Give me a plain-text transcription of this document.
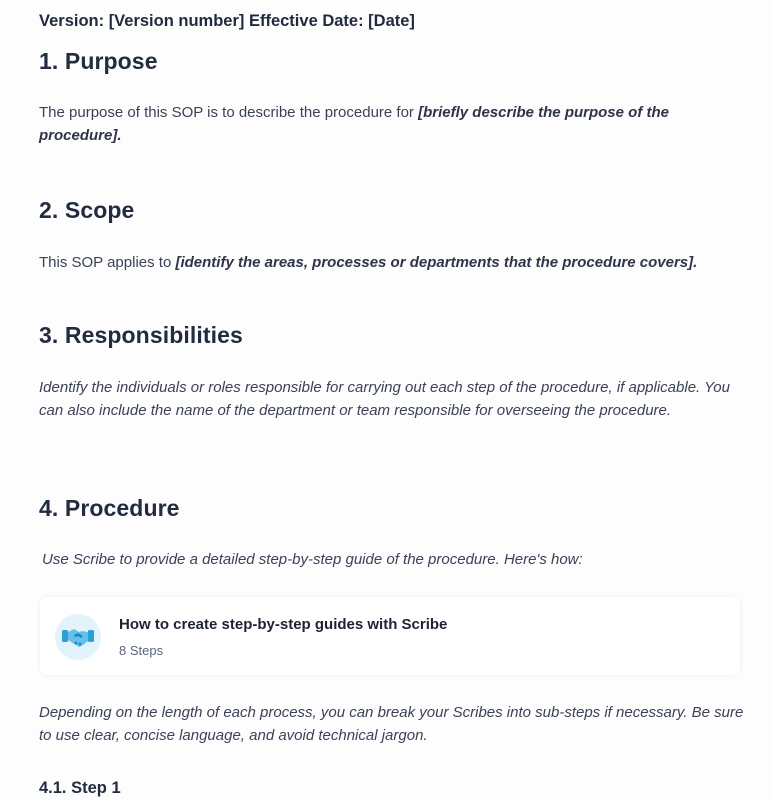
Version: [Version number] Effective Date: [Date]
1. Purpose
The purpose of this SOP is to describe the procedure for [briefly describe the purpose of the procedure].
2. Scope
This SOP applies to [identify the areas, processes or departments that the procedure covers].
3. Responsibilities
Identify the individuals or roles responsible for carrying out each step of the procedure, if applicable. You can also include the name of the department or team responsible for overseeing the procedure.
4. Procedure
Use Scribe to provide a detailed step-by-step guide of the procedure. Here's how:
How to create step-by-step guides with Scribe
8 Steps
Depending on the length of each process, you can break your Scribes into sub-steps if necessary. Be sure to use clear, concise language, and avoid technical jargon.
4.1. Step 1
